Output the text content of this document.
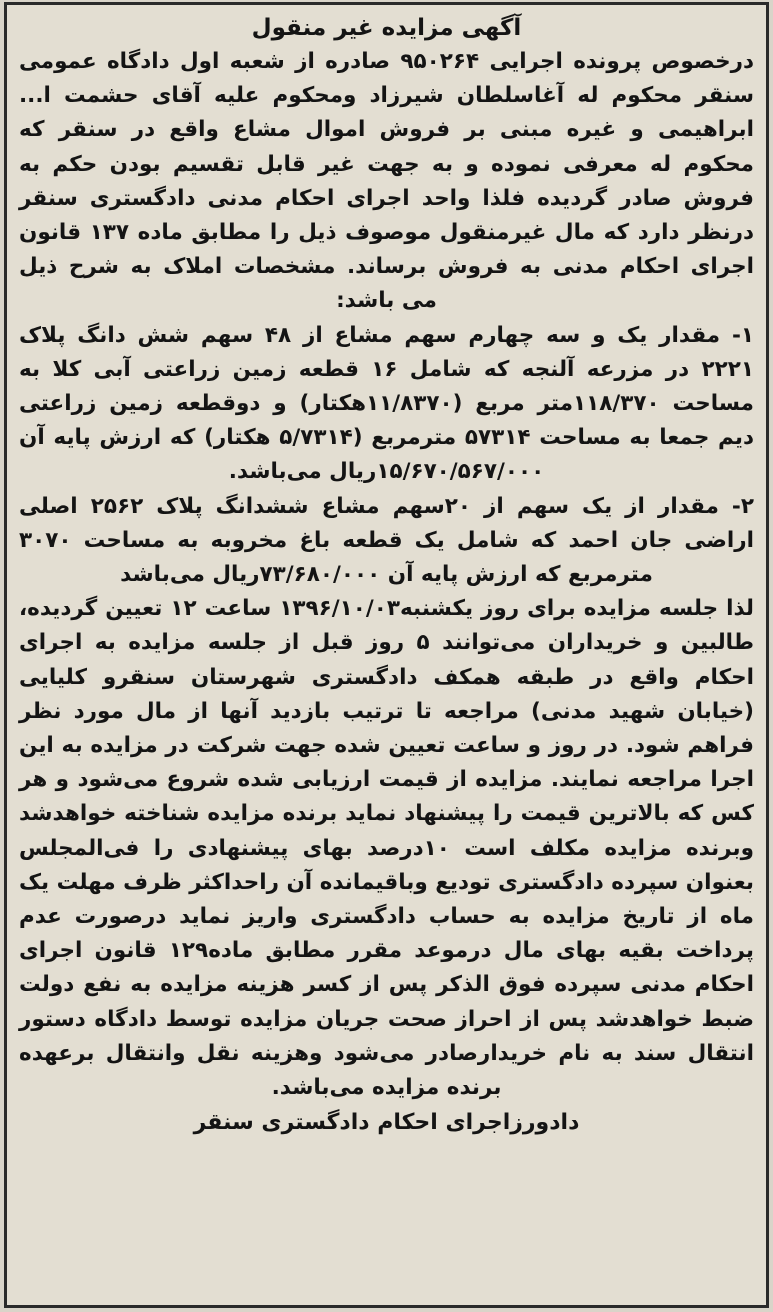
آگهی مزایده غیر منقول

درخصوص پرونده اجرایی ۹۵۰۲۶۴ صادره از شعبه اول دادگاه عمومی سنقر محکوم له آغاسلطان شیرزاد ومحکوم علیه آقای حشمت ا... ابراهیمی و غیره مبنی بر فروش اموال مشاع واقع در سنقر که محکوم له معرفی نموده و به جهت غیر قابل تقسیم بودن حکم به فروش صادر گردیده فلذا واحد اجرای احکام مدنی دادگستری سنقر درنظر دارد که مال غیرمنقول موصوف ذیل را مطابق ماده ۱۳۷ قانون اجرای احکام مدنی به فروش برساند. مشخصات املاک به شرح ذیل می باشد:

۱- مقدار یک و سه چهارم سهم مشاع از ۴۸ سهم شش دانگ پلاک ۲۲۲۱ در مزرعه آلنجه که شامل ۱۶ قطعه زمین زراعتی آبی کلا به مساحت ۱۱۸/۳۷۰متر مربع (۱۱/۸۳۷۰هکتار) و دوقطعه زمین زراعتی دیم جمعا به مساحت ۵۷۳۱۴ مترمربع (۵/۷۳۱۴ هکتار) که ارزش پایه آن ۱۵/۶۷۰/۵۶۷/۰۰۰ریال می‌باشد.

۲- مقدار از یک سهم از ۲۰سهم مشاع ششدانگ پلاک ۲۵۶۲ اصلی اراضی جان احمد که شامل یک قطعه باغ مخروبه به مساحت ۳۰۷۰ مترمربع که ارزش پایه آن ۷۳/۶۸۰/۰۰۰ریال می‌باشد

لذا جلسه مزایده برای روز یکشنبه۱۳۹۶/۱۰/۰۳ ساعت ۱۲ تعیین گردیده، طالبین و خریداران می‌توانند ۵ روز قبل از جلسه مزایده به اجرای احکام واقع در طبقه همکف دادگستری شهرستان سنقرو کلیایی (خیابان شهید مدنی) مراجعه تا ترتیب بازدید آنها از مال مورد نظر فراهم شود. در روز و ساعت تعیین شده جهت شرکت در مزایده به این اجرا مراجعه نمایند. مزایده از قیمت ارزیابی شده شروع می‌شود و هر کس که بالاترین قیمت را پیشنهاد نماید برنده مزایده شناخته خواهدشد وبرنده مزایده مکلف است ۱۰درصد بهای پیشنهادی را فی‌المجلس بعنوان سپرده دادگستری تودیع وباقیمانده آن راحداکثر ظرف مهلت یک ماه از تاریخ مزایده به حساب دادگستری واریز نماید درصورت عدم پرداخت بقیه بهای مال درموعد مقرر مطابق ماده۱۲۹ قانون اجرای احکام مدنی سپرده فوق الذکر پس از کسر هزینه مزایده به نفع دولت ضبط خواهدشد پس از احراز صحت جریان مزایده توسط دادگاه دستور انتقال سند به نام خریدارصادر می‌شود وهزینه نقل وانتقال برعهده برنده مزایده می‌باشد.

دادورزاجرای احکام دادگستری سنقر
